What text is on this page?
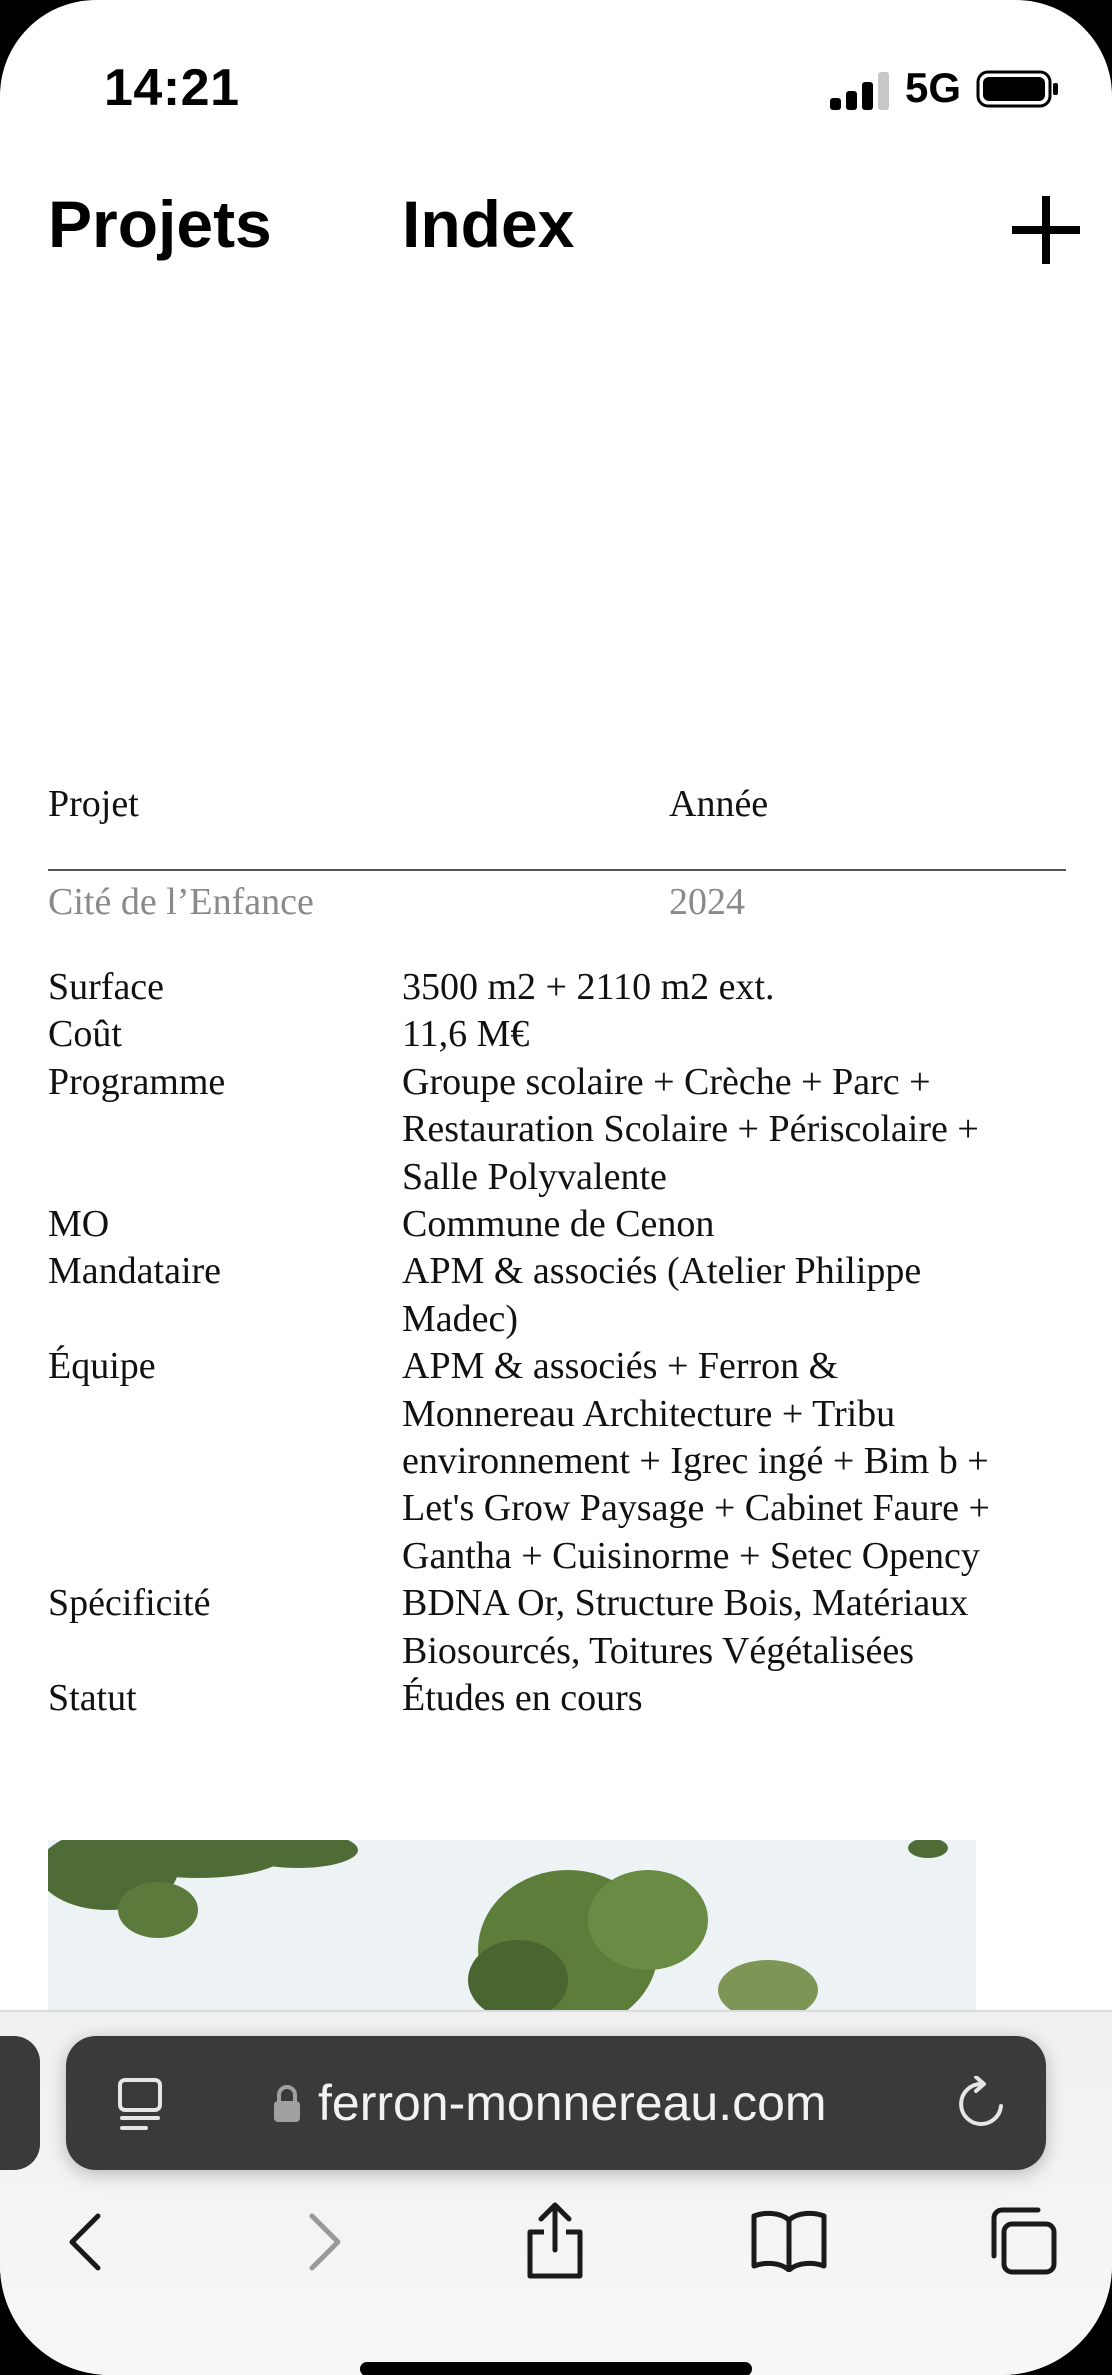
14:21	5G
Projets Index
Projet	Année
Cité de l’Enfance	2024
Surface	3500 m2 + 2110 m2 ext.
Coût	11,6 M€
Programme	Groupe scolaire + Crèche + Parc + Restauration Scolaire + Périscolaire + Salle Polyvalente
MO	Commune de Cenon
Mandataire	APM & associés (Atelier Philippe Madec)
Équipe	APM & associés + Ferron & Monnereau Architecture + Tribu environnement + Igrec ingé + Bim b + Let's Grow Paysage + Cabinet Faure + Gantha + Cuisinorme + Setec Opency
Spécificité	BDNA Or, Structure Bois, Matériaux Biosourcés, Toitures Végétalisées
Statut	Études en cours
ferron-monnereau.com
